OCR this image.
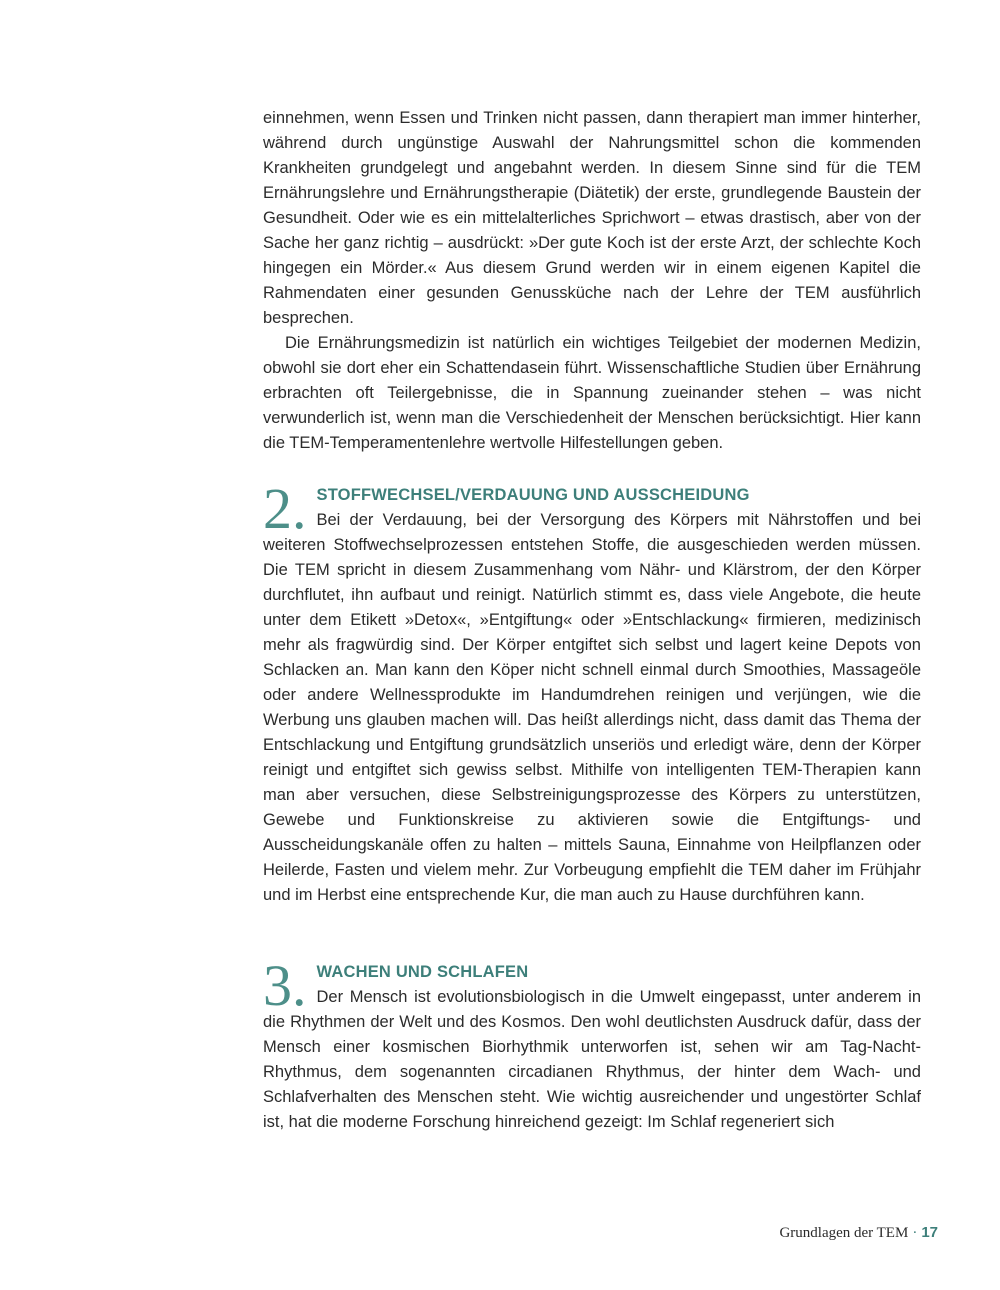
einnehmen, wenn Essen und Trinken nicht passen, dann therapiert man immer hinterher, während durch ungünstige Auswahl der Nahrungsmittel schon die kommenden Krankheiten grundgelegt und angebahnt werden. In diesem Sinne sind für die TEM Ernährungslehre und Ernährungstherapie (Diätetik) der erste, grundlegende Baustein der Gesundheit. Oder wie es ein mittelalterliches Sprichwort – etwas drastisch, aber von der Sache her ganz richtig – ausdrückt: »Der gute Koch ist der erste Arzt, der schlechte Koch hingegen ein Mörder.« Aus diesem Grund werden wir in einem eigenen Kapitel die Rahmendaten einer gesunden Genussküche nach der Lehre der TEM ausführlich besprechen.

Die Ernährungsmedizin ist natürlich ein wichtiges Teilgebiet der modernen Medizin, obwohl sie dort eher ein Schattendasein führt. Wissenschaftliche Studien über Ernährung erbrachten oft Teilergebnisse, die in Spannung zueinander stehen – was nicht verwunderlich ist, wenn man die Verschiedenheit der Menschen berücksichtigt. Hier kann die TEM-Temperamentenlehre wertvolle Hilfestellungen geben.

2. STOFFWECHSEL/VERDAUUNG UND AUSSCHEIDUNG
Bei der Verdauung, bei der Versorgung des Körpers mit Nährstoffen und bei weiteren Stoffwechselprozessen entstehen Stoffe, die ausgeschieden werden müssen. Die TEM spricht in diesem Zusammenhang vom Nähr- und Klärstrom, der den Körper durchflutet, ihn aufbaut und reinigt. Natürlich stimmt es, dass viele Angebote, die heute unter dem Etikett »Detox«, »Entgiftung« oder »Entschlackung« firmieren, medizinisch mehr als fragwürdig sind. Der Körper entgiftet sich selbst und lagert keine Depots von Schlacken an. Man kann den Köper nicht schnell einmal durch Smoothies, Massageöle oder andere Wellnessprodukte im Handumdrehen reinigen und verjüngen, wie die Werbung uns glauben machen will. Das heißt allerdings nicht, dass damit das Thema der Entschlackung und Entgiftung grundsätzlich unseriös und erledigt wäre, denn der Körper reinigt und entgiftet sich gewiss selbst. Mithilfe von intelligenten TEM-Therapien kann man aber versuchen, diese Selbstreinigungsprozesse des Körpers zu unterstützen, Gewebe und Funktionskreise zu aktivieren sowie die Entgiftungs- und Ausscheidungskanäle offen zu halten – mittels Sauna, Einnahme von Heilpflanzen oder Heilerde, Fasten und vielem mehr. Zur Vorbeugung empfiehlt die TEM daher im Frühjahr und im Herbst eine entsprechende Kur, die man auch zu Hause durchführen kann.
3. WACHEN UND SCHLAFEN
Der Mensch ist evolutionsbiologisch in die Umwelt eingepasst, unter anderem in die Rhythmen der Welt und des Kosmos. Den wohl deutlichsten Ausdruck dafür, dass der Mensch einer kosmischen Biorhythmik unterworfen ist, sehen wir am Tag-Nacht-Rhythmus, dem sogenannten circadianen Rhythmus, der hinter dem Wach- und Schlafverhalten des Menschen steht. Wie wichtig ausreichender und ungestörter Schlaf ist, hat die moderne Forschung hinreichend gezeigt: Im Schlaf regeneriert sich
Grundlagen der TEM · 17
